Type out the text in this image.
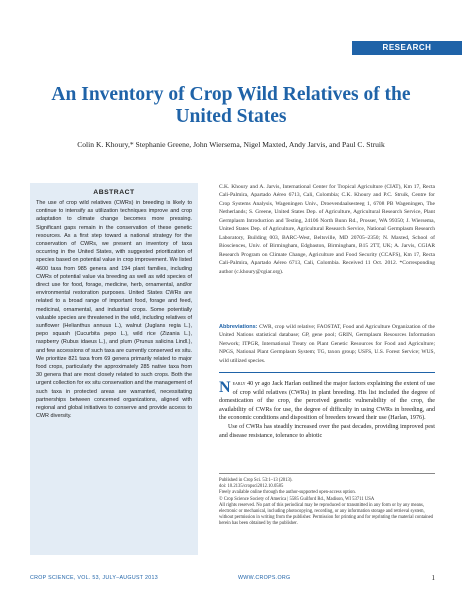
RESEARCH
An Inventory of Crop Wild Relatives of the United States
Colin K. Khoury,* Stephanie Greene, John Wiersema, Nigel Maxted, Andy Jarvis, and Paul C. Struik
ABSTRACT

The use of crop wild relatives (CWRs) in breeding is likely to continue to intensify as utilization techniques improve and crop adaptation to climate change becomes more pressing. Significant gaps remain in the conservation of these genetic resources. As a first step toward a national strategy for the conservation of CWRs, we present an inventory of taxa occurring in the United States, with suggested prioritization of species based on potential value in crop improvement. We listed 4600 taxa from 985 genera and 194 plant families, including CWRs of potential value via breeding as well as wild species of direct use for food, forage, medicine, herb, ornamental, and/or environmental restoration purposes. United States CWRs are related to a broad range of important food, forage and feed, medicinal, ornamental, and industrial crops. Some potentially valuable species are threatened in the wild, including relatives of sunflower (Helianthus annuus L.), walnut (Juglans regia L.), pepo squash (Cucurbita pepo L.), wild rice (Zizania L.), raspberry (Rubus idaeus L.), and plum (Prunus salicina Lindl.), and few accessions of such taxa are currently conserved ex situ. We prioritize 821 taxa from 69 genera primarily related to major food crops, particularly the approximately 285 native taxa from 30 genera that are most closely related to such crops. Both the urgent collection for ex situ conservation and the management of such taxa in protected areas are warranted, necessitating partnerships between concerned organizations, aligned with regional and global initiatives to conserve and provide access to CWR diversity.

C.K. Khoury and A. Jarvis, International Center for Tropical Agriculture (CIAT), Km 17, Recta Cali-Palmira, Apartado Aéreo 6713, Cali, Colombia; C.K. Khoury and P.C. Struik, Centre for Crop Systems Analysis, Wageningen Univ., Droevendaalsesteeg 1, 6708 PB Wageningen, The Netherlands; S. Greene, United States Dep. of Agriculture, Agricultural Research Service, Plant Germplasm Introduction and Testing, 24106 North Bunn Rd., Prosser, WA 99350; J. Wiersema, United States Dep. of Agriculture, Agricultural Research Service, National Germplasm Research Laboratory, Building 003, BARC-West, Beltsville, MD 20705–2350; N. Maxted, School of Biosciences, Univ. of Birmingham, Edgbaston, Birmingham, B15 2TT, UK; A. Jarvis, CGIAR Research Program on Climate Change, Agriculture and Food Security (CCAFS), Km 17, Recta Cali-Palmira, Apartado Aéreo 6713, Cali, Colombia. Received 11 Oct. 2012. *Corresponding author (c.khoury@cgiar.org).
Abbreviations: CWR, crop wild relative; FAOSTAT, Food and Agriculture Organization of the United Nations statistical database; GP, gene pool; GRIN, Germplasm Resources Information Network; ITPGR, International Treaty on Plant Genetic Resources for Food and Agriculture; NPGS, National Plant Germplasm System; TG, taxon group; USFS, U.S. Forest Service; WUS, wild utilized species.

Nearly 40 yr ago Jack Harlan outlined the major factors explaining the extent of use of crop wild relatives (CWRs) in plant breeding. His list included the degree of domestication of the crop, the perceived genetic vulnerability of the crop, the availability of CWRs for use, the degree of difficulty in using CWRs in breeding, and the economic conditions and disposition of breeders toward their use (Harlan, 1976).

Use of CWRs has steadily increased over the past decades, providing improved pest and disease resistance, tolerance to abiotic

Published in Crop Sci. 53:1–13 (2013).
doi: 10.2135/cropsci2012.10.0585
Freely available online through the author-supported open-access option.
© Crop Science Society of America | 5585 Guilford Rd., Madison, WI 53711 USA
All rights reserved. No part of this periodical may be reproduced or transmitted in any form or by any means, electronic or mechanical, including photocopying, recording, or any information storage and retrieval system, without permission in writing from the publisher. Permission for printing and for reprinting the material contained herein has been obtained by the publisher.
CROP SCIENCE, VOL. 53, JULY–AUGUST 2013	WWW.CROPS.ORG	1
